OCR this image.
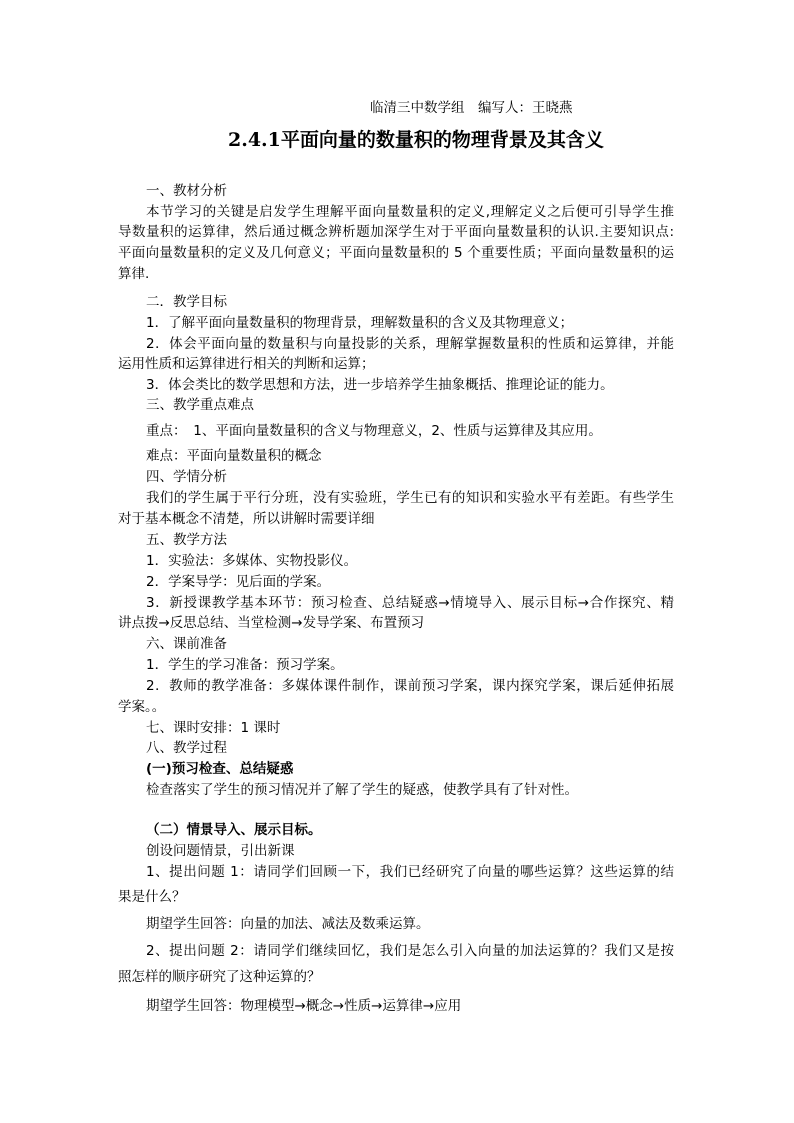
临清三中数学组　编写人：王晓燕
2.4.1平面向量的数量积的物理背景及其含义
一、教材分析
本节学习的关键是启发学生理解平面向量数量积的定义,理解定义之后便可引导学生推
导数量积的运算律，然后通过概念辨析题加深学生对于平面向量数量积的认识.主要知识点:
平面向量数量积的定义及几何意义；平面向量数量积的 5 个重要性质；平面向量数量积的运
算律.
二．教学目标
1．了解平面向量数量积的物理背景，理解数量积的含义及其物理意义；
2．体会平面向量的数量积与向量投影的关系，理解掌握数量积的性质和运算律，并能
运用性质和运算律进行相关的判断和运算；
3．体会类比的数学思想和方法，进一步培养学生抽象概括、推理论证的能力。
三、教学重点难点
重点：　1、平面向量数量积的含义与物理意义，2、性质与运算律及其应用。
难点：平面向量数量积的概念
四、学情分析
我们的学生属于平行分班，没有实验班，学生已有的知识和实验水平有差距。有些学生
对于基本概念不清楚，所以讲解时需要详细
五、教学方法
1．实验法：多媒体、实物投影仪。
2．学案导学：见后面的学案。
3．新授课教学基本环节：预习检查、总结疑惑→情境导入、展示目标→合作探究、精
讲点拨→反思总结、当堂检测→发导学案、布置预习
六、课前准备
1．学生的学习准备：预习学案。
2．教师的教学准备：多媒体课件制作，课前预习学案，课内探究学案，课后延伸拓展
学案。。
七、课时安排：1 课时
八、教学过程
(一)预习检查、总结疑惑
检查落实了学生的预习情况并了解了学生的疑惑，使教学具有了针对性。
（二）情景导入、展示目标。
创设问题情景，引出新课
1、提出问题 1：请同学们回顾一下，我们已经研究了向量的哪些运算？这些运算的结
果是什么？
期望学生回答：向量的加法、减法及数乘运算。
2、提出问题 2：请同学们继续回忆，我们是怎么引入向量的加法运算的？我们又是按
照怎样的顺序研究了这种运算的？
期望学生回答：物理模型→概念→性质→运算律→应用
